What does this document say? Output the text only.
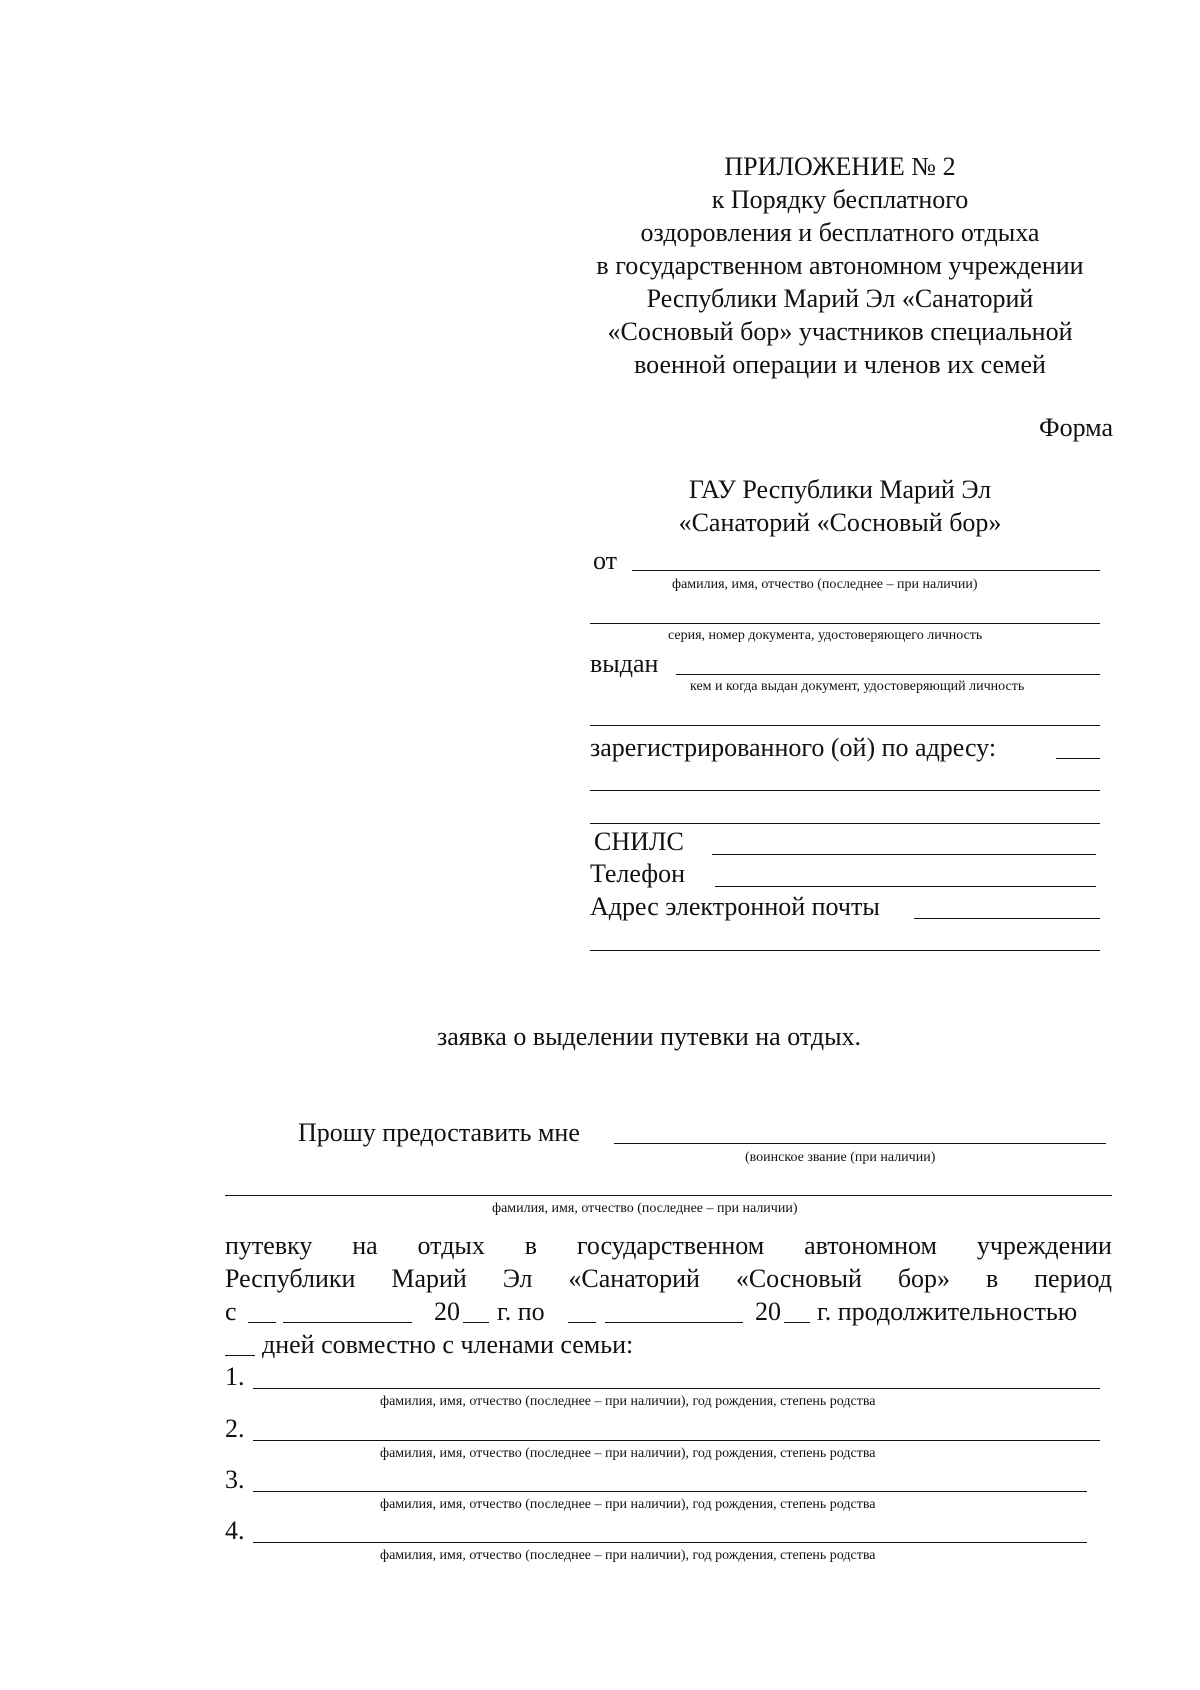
ПРИЛОЖЕНИЕ № 2
к Порядку бесплатного
оздоровления и бесплатного отдыха
в государственном автономном учреждении
Республики Марий Эл «Санаторий
«Сосновый бор» участников специальной
военной операции и членов их семей
Форма
ГАУ Республики Марий Эл
«Санаторий «Сосновый бор»
от
фамилия, имя, отчество (последнее – при наличии)
серия, номер документа, удостоверяющего личность
выдан
кем и когда выдан документ, удостоверяющий личность
зарегистрированного (ой) по адресу:
СНИЛС
Телефон
Адрес электронной почты
заявка о выделении путевки на отдых.
Прошу предоставить мне
(воинское звание (при наличии)
фамилия, имя, отчество (последнее – при наличии)
путевку на отдых в государственном автономном учреждении
Республики Марий Эл «Санаторий «Сосновый бор» в период
с	20 г. по	20 г. продолжительностью
дней совместно с членами семьи:
1.
фамилия, имя, отчество (последнее – при наличии), год рождения, степень родства
2.
фамилия, имя, отчество (последнее – при наличии), год рождения, степень родства
3.
фамилия, имя, отчество (последнее – при наличии), год рождения, степень родства
4.
фамилия, имя, отчество (последнее – при наличии), год рождения, степень родства
